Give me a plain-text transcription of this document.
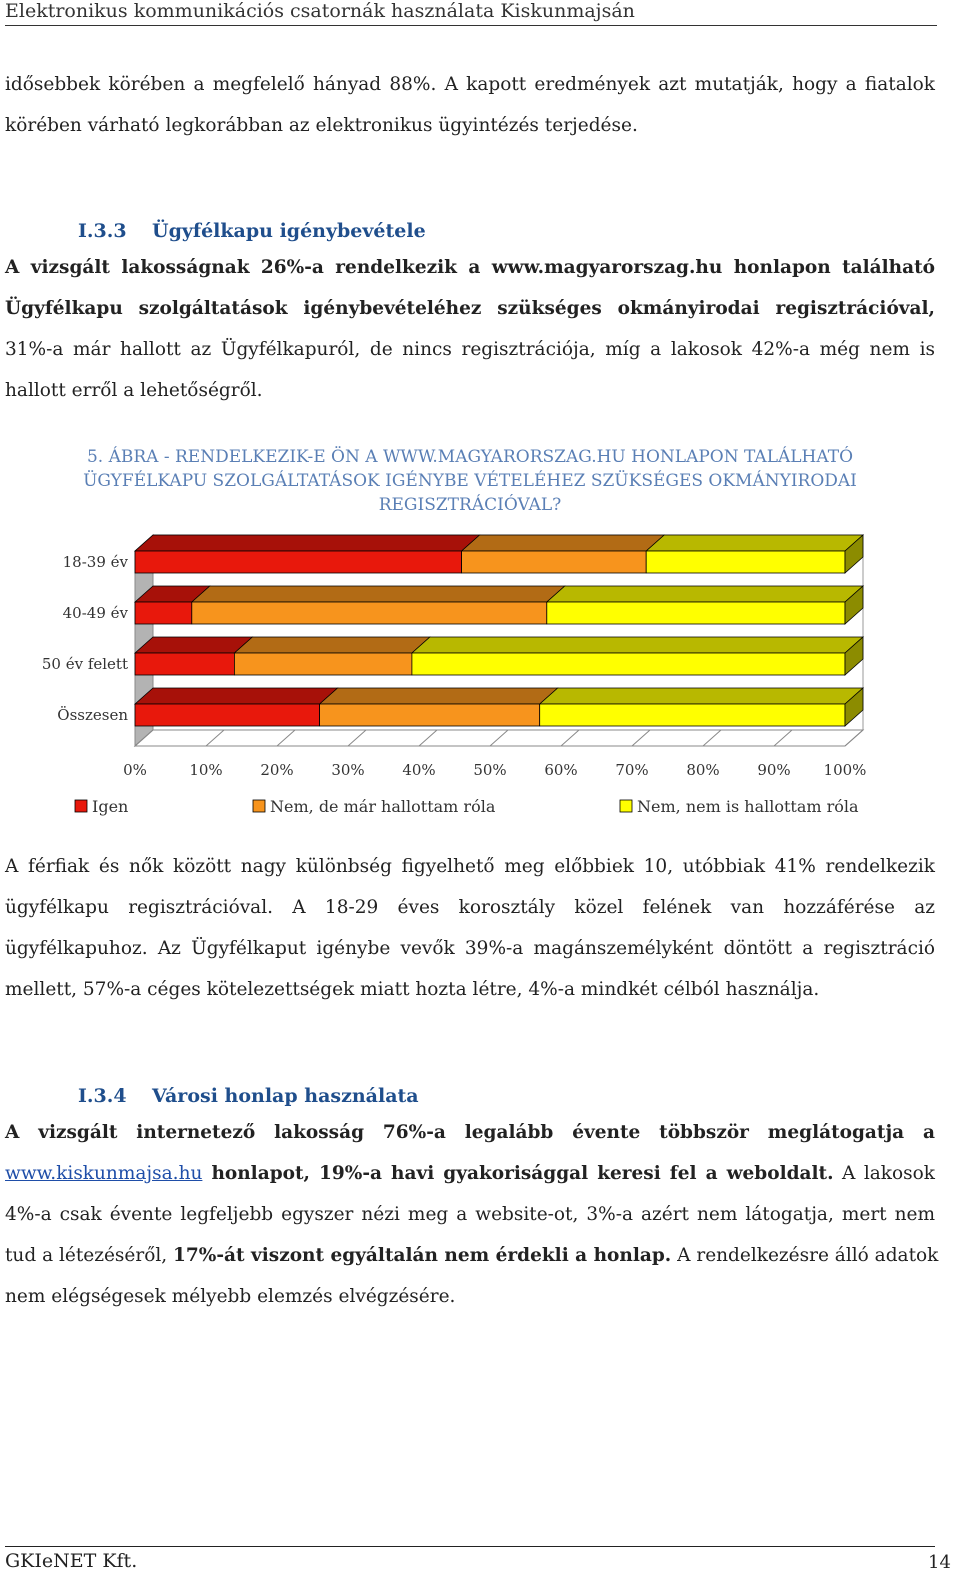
Elektronikus kommunikációs csatornák használata Kiskunmajsán
idősebbek körében a megfelelő hányad 88%. A kapott eredmények azt mutatják, hogy a fiatalok
körében várható legkorábban az elektronikus ügyintézés terjedése.
I.3.3 Ügyfélkapu igénybevétele
A vizsgált lakosságnak 26%-a rendelkezik a www.magyarorszag.hu honlapon található
Ügyfélkapu szolgáltatások igénybevételéhez szükséges okmányirodai regisztrációval,
31%-a már hallott az Ügyfélkapuról, de nincs regisztrációja, míg a lakosok 42%-a még nem is
hallott erről a lehetőségről.
5. ÁBRA - RENDELKEZIK-E ÖN A WWW.MAGYARORSZAG.HU HONLAPON TALÁLHATÓ
ÜGYFÉLKAPU SZOLGÁLTATÁSOK IGÉNYBE VÉTELÉHEZ SZÜKSÉGES OKMÁNYIRODAI
REGISZTRÁCIÓVAL?
0%	10%	20%	30%	40%	50%	60%	70%	80%	90% 100%
18-39 év
40-49 év
50 év felett
Összesen
Igen	Nem, de már hallottam róla	Nem, nem is hallottam róla
A férfiak és nők között nagy különbség figyelhető meg előbbiek 10, utóbbiak 41% rendelkezik
ügyfélkapu regisztrációval. A 18-29 éves korosztály közel felének van hozzáférése az
ügyfélkapuhoz. Az Ügyfélkaput igénybe vevők 39%-a magánszemélyként döntött a regisztráció
mellett, 57%-a céges kötelezettségek miatt hozta létre, 4%-a mindkét célból használja.
I.3.4 Városi honlap használata
A vizsgált internetező lakosság 76%-a legalább évente többször meglátogatja a
www.kiskunmajsa.hu honlapot, 19%-a havi gyakorisággal keresi fel a weboldalt. A lakosok
4%-a csak évente legfeljebb egyszer nézi meg a website-ot, 3%-a azért nem látogatja, mert nem
tud a létezéséről, 17%-át viszont egyáltalán nem érdekli a honlap. A rendelkezésre álló adatok
nem elégségesek mélyebb elemzés elvégzésére.
GKIeNET Kft.	14
